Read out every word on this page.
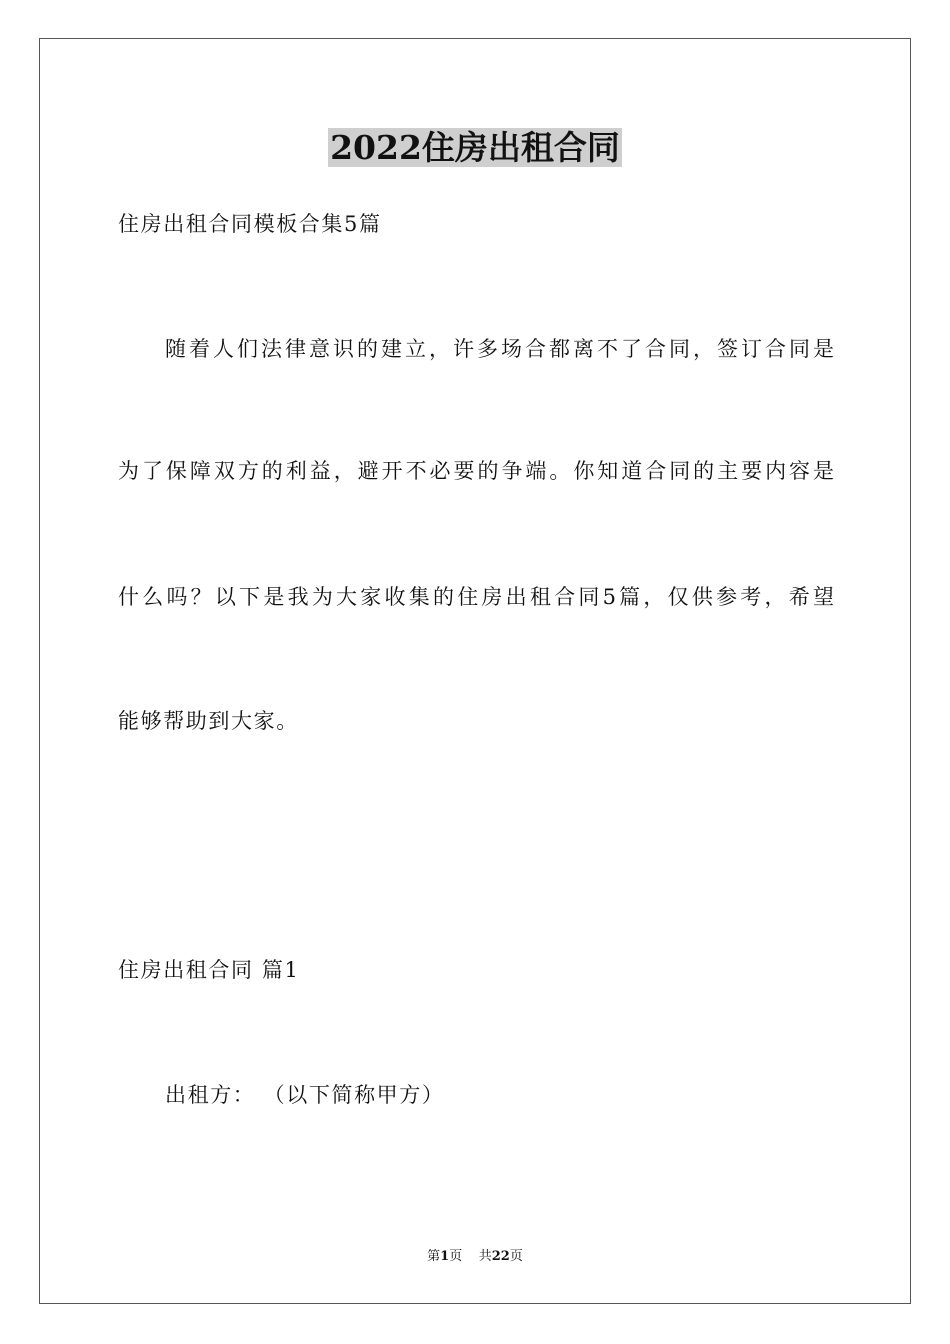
2022住房出租合同
住房出租合同模板合集5篇
随着人们法律意识的建立，许多场合都离不了合同，签订合同是
为了保障双方的利益，避开不必要的争端。你知道合同的主要内容是
什么吗？以下是我为大家收集的住房出租合同5篇，仅供参考，希望
能够帮助到大家。
住房出租合同 篇1
出租方： （以下简称甲方）
第1页 共22页
